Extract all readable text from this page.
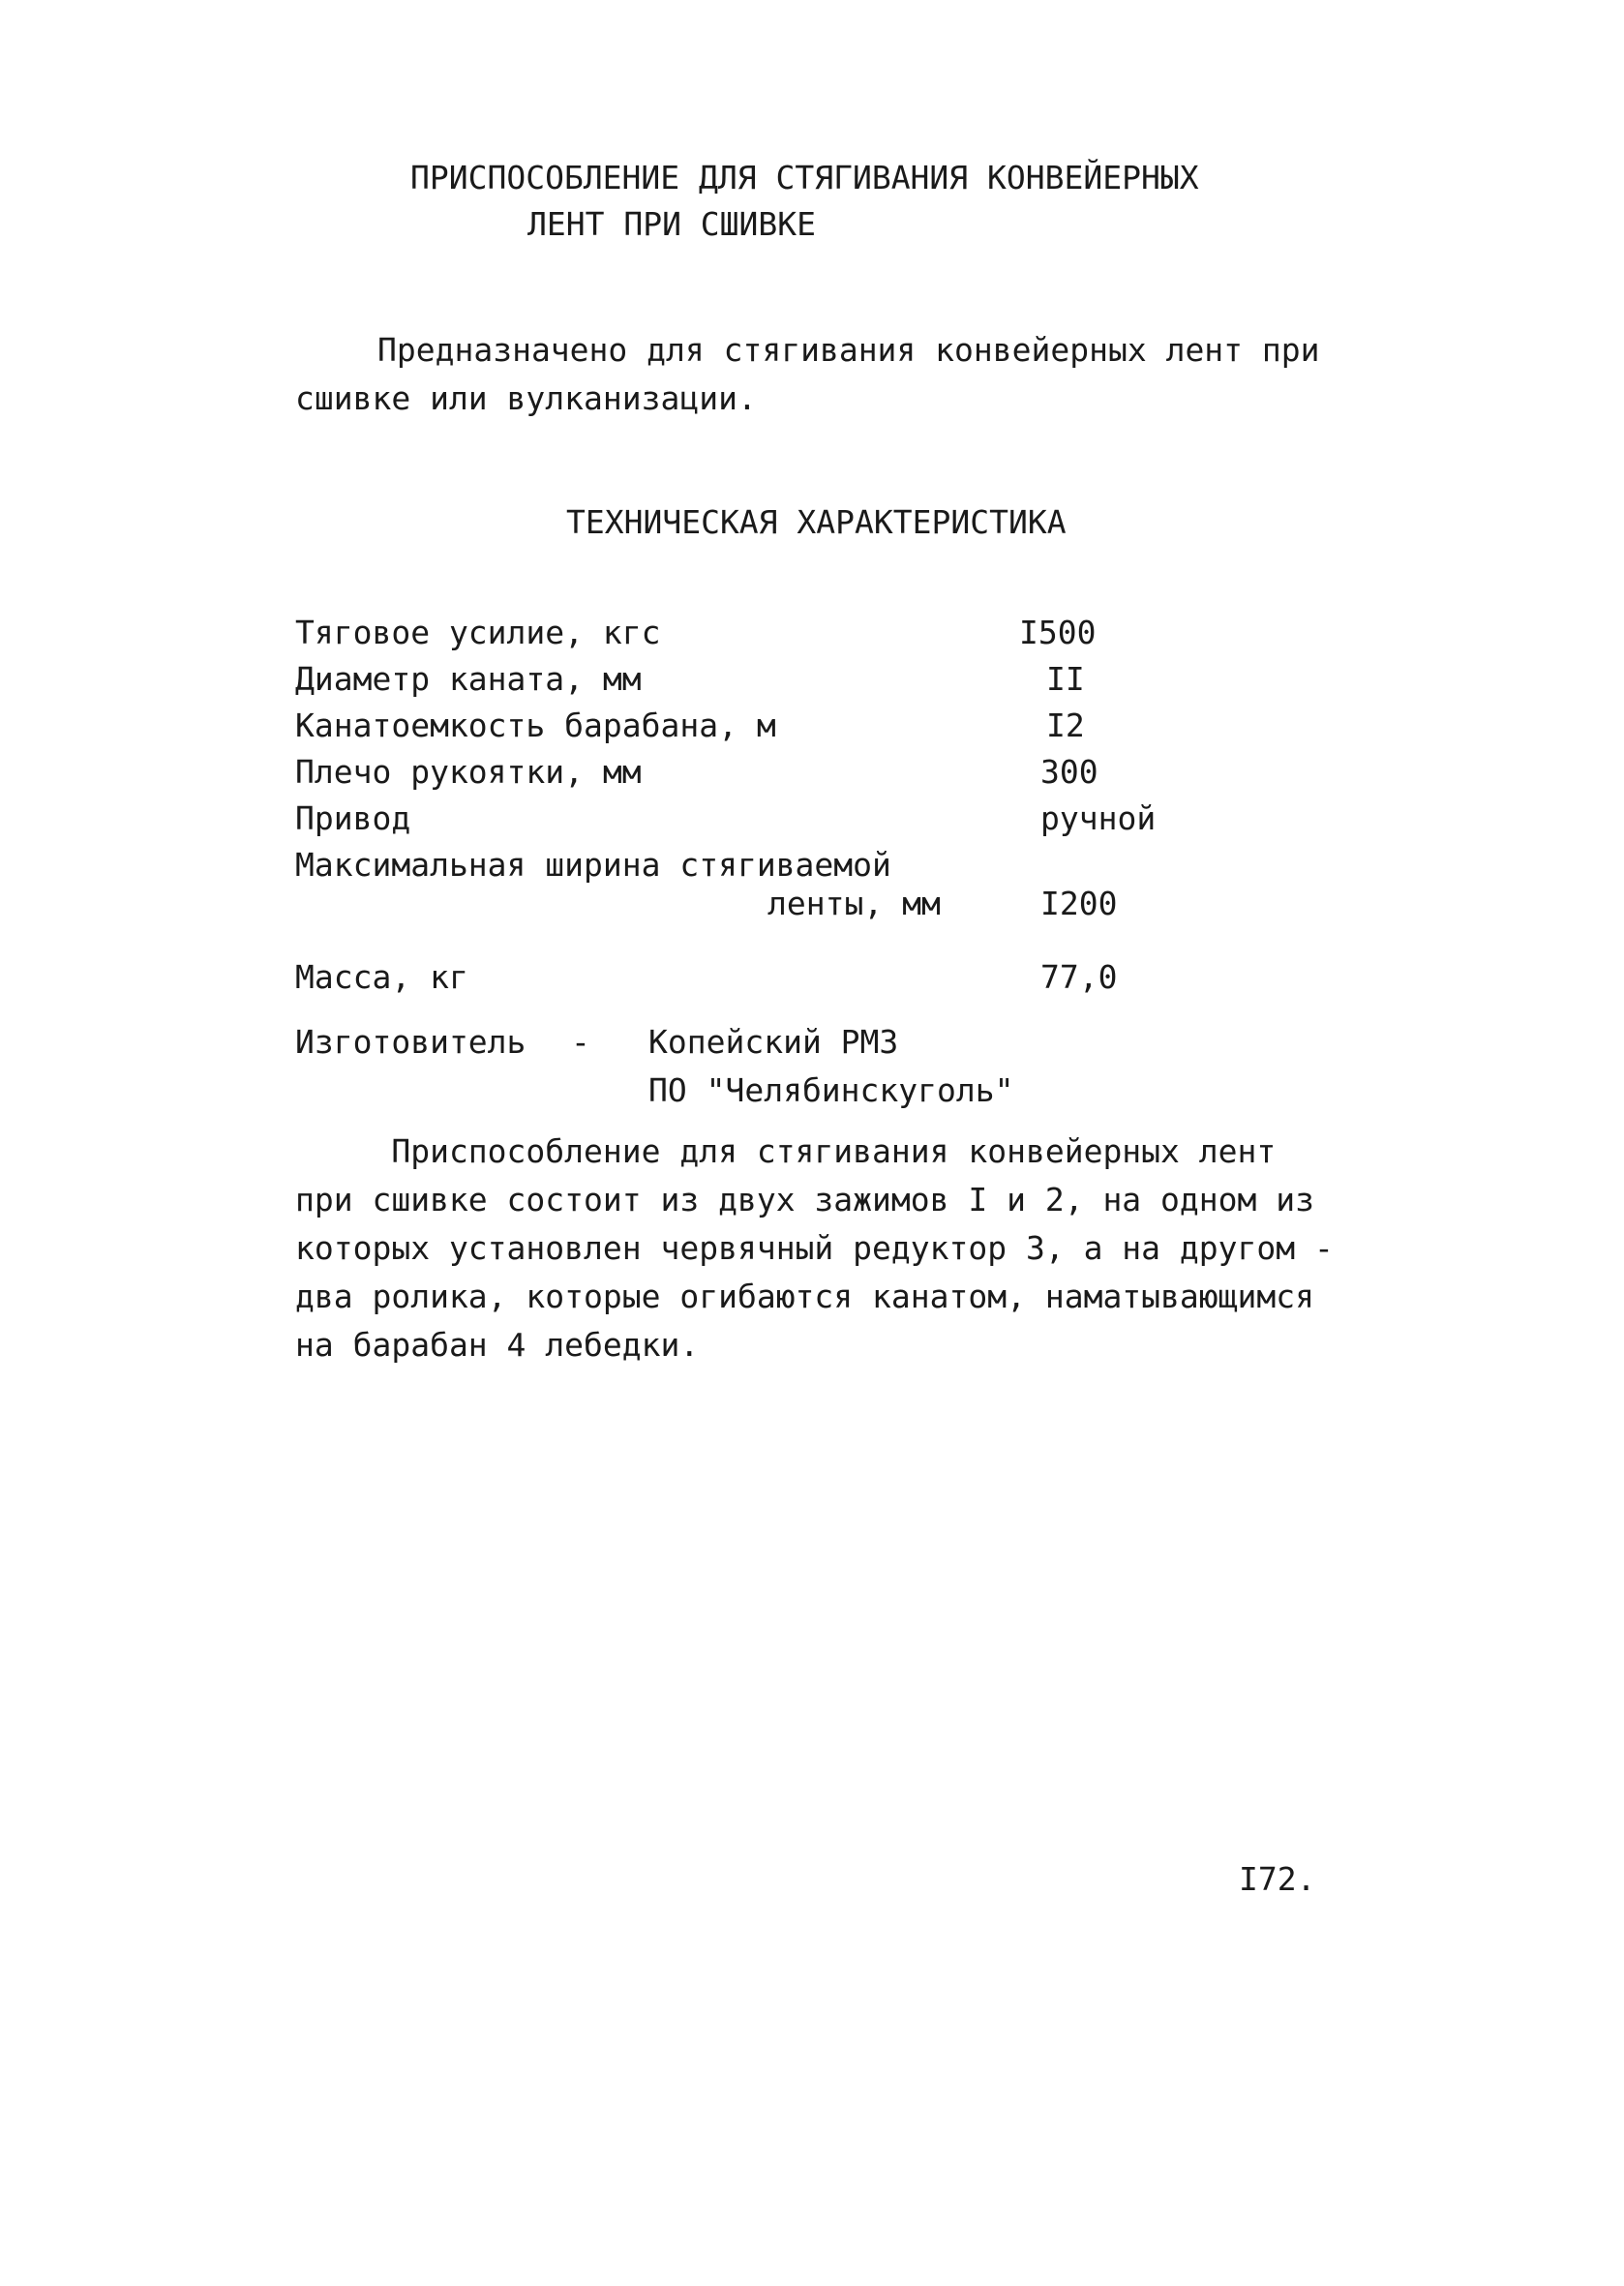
ПРИСПОСОБЛЕНИЕ ДЛЯ СТЯГИВАНИЯ КОНВЕЙЕРНЫХ
ЛЕНТ ПРИ СШИВКЕ
Предназначено для стягивания конвейерных лент при
сшивке или вулканизации.
ТЕХНИЧЕСКАЯ ХАРАКТЕРИСТИКА
Тяговое усилие, кгс	I500
Диаметр каната, мм	II
Канатоемкость барабана, м	I2
Плечо рукоятки, мм	300
Привод	ручной
Максимальная ширина стягиваемой
ленты, мм	I200
Масса, кг	77,0
Изготовитель - Копейский РМЗ
ПО "Челябинскуголь"
Приспособление для стягивания конвейерных лент
при сшивке состоит из двух зажимов I и 2, на одном из
которых установлен червячный редуктор 3, а на другом -
два ролика, которые огибаются канатом, наматывающимся
на барабан 4 лебедки.
I72.
